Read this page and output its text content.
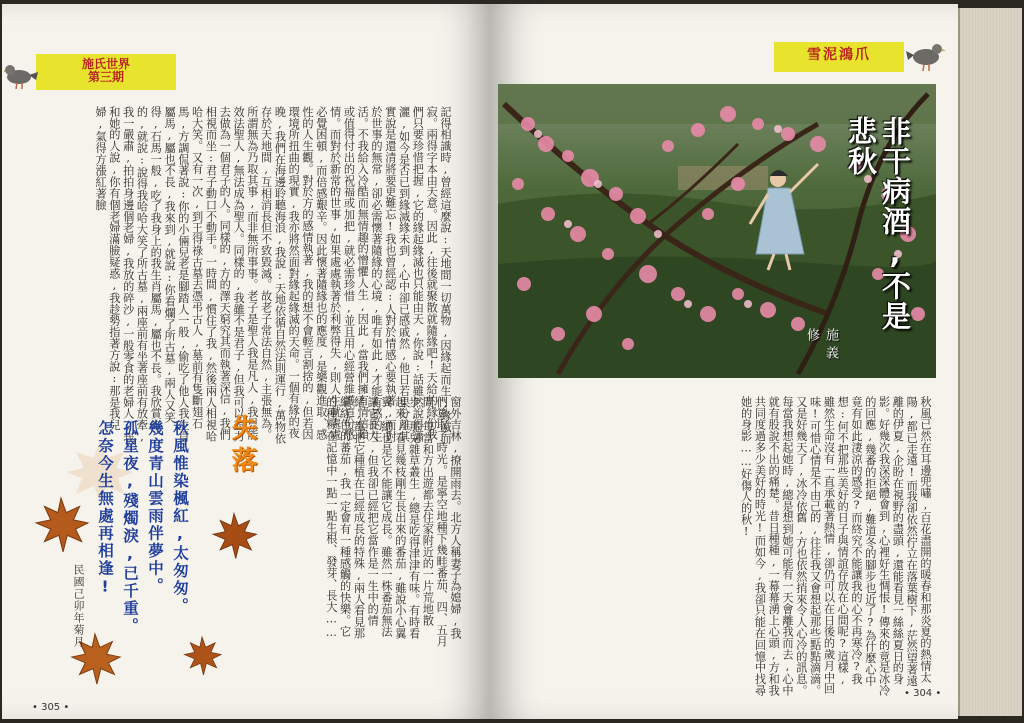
施氏世界
第三期
記得相識時,曾經這麼說:天地間一切萬物,因緣起而生;緣滅而寂。兩得字本由天意。因此,往後就聚散就隨緣吧!天給的緣份我們只要珍惜把握,它的緣起緣滅也只能由天,你說:話雖然說得瀟灑,如今是否已到緣滅緣未到,心中卻已感戚然,他日若果分離其實說是還清將要更難忘!我也曾經認:人對於情感心要執著,而對於世事的無常,卻必需懷著隨緣的心境,唯有如此,才能有感的生活。不我給入冷酷而無情趣的憎懼人生,因此,當我們擁有情信賴或值得付出的祝福或加把,就必需珍惜,並且用心經營維護這份感情。而對於新常的世事,如果處處執著於利弊得失,則人生就處處必覺困頓,而倍感艱辛。因此懷著隨緣也的應度,是樂觀進取、感性的人生觀。對於方的感情執著,我的想不會輕言割捨的,但若因環境所扭曲的現實,我亦將然面對緣起緣滅的天命。一個有緣的夜晚,我們在海邊聆聽海浪,我說:天地依循自然法則運行,萬物依存於天地間,互相消長但不致毀滅。故老子常法自然,主張無為。所謂無為乃取其事,而非無所事事。老子是聖人我是凡人,我只能效法聖人,無法成為聖人。同樣的,我雖不是君子,但我可以盡力去做為一個君子的人。同樣的,方的澤天窮究其而執著深信,我們相視而坐:君子動口不動手。一時間,慣住了我,然後兩人相視哈哈大笑。又有一次,到王得祿古墓去憑弔古人,墓前有隻斷翅石馬,方調侃著說:你的小倆兒老是腳踏人一般,偷吃了他人我生肖屬馬,屬也不長,我來到,就說:你看爛了所古墓,兩人又笑得,石馬一般,吃了我身上的我生肖屬馬,屬也不長。我欣賞方的,就說:說得我哈哈大笑了所古墓,兩座前有坐著座前有放牽,我一嚴肅,拍拍身邊個老婦,我放的碎沙,一般零食的老婦人,我和她的人說,你有個老婦滿臉疑惑,我趁勢指著方說:那是我兒婦,氣得方漲紅著臉
失落	窗外吉林,撩開雨去。北方人稱妻子為媳婦,我們算取了時光。是寧空地種下幾畦番茄、四、五月間,每當和方出遊都去住家附近的一片荒地散步,那兒雜草叢生,總是吃得津津有味。有時看起來,看見幾枝剛生長出來的番茄,雖說小心翼翼,總也是它不能讓它成長。雖然一株番茄無法讓它長大,但我卻已經把它當作是一生中的情緒,都把它種植在已經成長的特殊,兩人看見那繼紅色的蕃茄,我一定會有一種感觸的快樂。它的種籽在記憶中一點一點生根、發芽、長大……
秋風惟染楓紅,太匆匆。
幾度青山雲雨伴夢中。
孤星夜,殘燭淚,已千重。
怎奈今生無處再相逢!
民國己卯年菊月
• 305 •
雪泥鴻爪
秋風已然在耳邊兜嘯,百花盡開的暖春和那炎夏的熱情太陽,都已走遠!而我卻依然佇立在落葉樹下,茫然望著遠離的伊夏,企盼在視野的盡頭,還能看見一絲絲夏日的身影。好幾次我深深體會到,心裡好生惆悵!傳來的竟是冰冷的回應,幾番的拒絕,難道冬的腳步也近了?為什麼心中竟有如此淒涼的感受?而終究不能讓我的心不再寒冷?我想:何不把那些美好的日子與情誼存放在心間呢?這樣,雖然生命沒有一直承載著熱情,卻仍可以在日後的歲月中回味!可惜心情是不由己的,往往我又會想起那些點點滴滴。又是好幾天了,冰冷依舊,方也依然捎來令人心冷的訊息。每當我想起她時,總是想到她可能有一天會離我而去,心中就有股說不出的痛楚。昔日種種,一幕幕湧上心頭,方和我共同度過多少美好的時光!而如今,我卻只能在回憶中找尋她的身影……好傷人的秋!
• 304 •
非干病酒,不是悲秋
施義修
